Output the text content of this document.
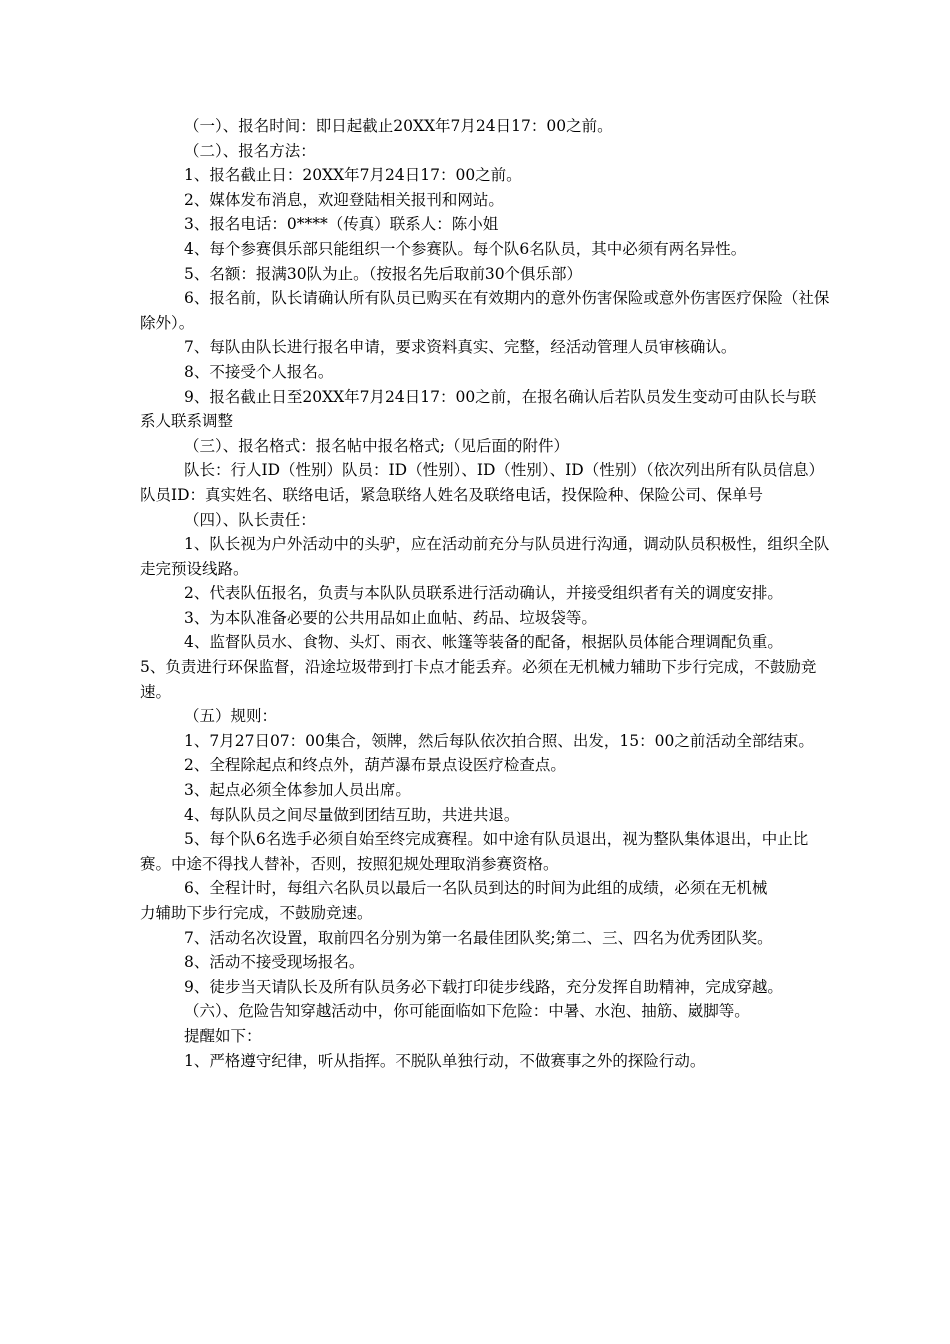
（一）、报名时间：即日起截止20XX年7月24日17：00之前。

（二）、报名方法：

1、报名截止日：20XX年7月24日17：00之前。

2、媒体发布消息，欢迎登陆相关报刊和网站。

3、报名电话：0****（传真）联系人：陈小姐

4、每个参赛俱乐部只能组织一个参赛队。每个队6名队员，其中必须有两名异性。

5、名额：报满30队为止。（按报名先后取前30个俱乐部）

6、报名前，队长请确认所有队员已购买在有效期内的意外伤害保险或意外伤害医疗保险（社保除外）。

7、每队由队长进行报名申请，要求资料真实、完整，经活动管理人员审核确认。

8、不接受个人报名。

9、报名截止日至20XX年7月24日17：00之前，在报名确认后若队员发生变动可由队长与联系人联系调整

（三）、报名格式：报名帖中报名格式;（见后面的附件）

队长：行人ID（性别）队员：ID（性别）、ID（性别）、ID（性别）（依次列出所有队员信息）队员ID：真实姓名、联络电话，紧急联络人姓名及联络电话，投保险种、保险公司、保单号

（四）、队长责任：

1、队长视为户外活动中的头驴，应在活动前充分与队员进行沟通，调动队员积极性，组织全队走完预设线路。

2、代表队伍报名，负责与本队队员联系进行活动确认，并接受组织者有关的调度安排。

3、为本队准备必要的公共用品如止血帖、药品、垃圾袋等。

4、监督队员水、食物、头灯、雨衣、帐篷等装备的配备，根据队员体能合理调配负重。

5、负责进行环保监督，沿途垃圾带到打卡点才能丢弃。必须在无机械力辅助下步行完成，不鼓励竞速。

（五）规则：

1、7月27日07：00集合，领牌，然后每队依次拍合照、出发，15：00之前活动全部结束。

2、全程除起点和终点外，葫芦瀑布景点设医疗检查点。

3、起点必须全体参加人员出席。

4、每队队员之间尽量做到团结互助，共进共退。

5、每个队6名选手必须自始至终完成赛程。如中途有队员退出，视为整队集体退出，中止比赛。中途不得找人替补，否则，按照犯规处理取消参赛资格。

6、全程计时，每组六名队员以最后一名队员到达的时间为此组的成绩，必须在无机械

力辅助下步行完成，不鼓励竞速。

7、活动名次设置，取前四名分别为第一名最佳团队奖;第二、三、四名为优秀团队奖。

8、活动不接受现场报名。

9、徒步当天请队长及所有队员务必下载打印徒步线路，充分发挥自助精神，完成穿越。

（六）、危险告知穿越活动中，你可能面临如下危险：中暑、水泡、抽筋、崴脚等。

提醒如下：

1、严格遵守纪律，听从指挥。不脱队单独行动，不做赛事之外的探险行动。
